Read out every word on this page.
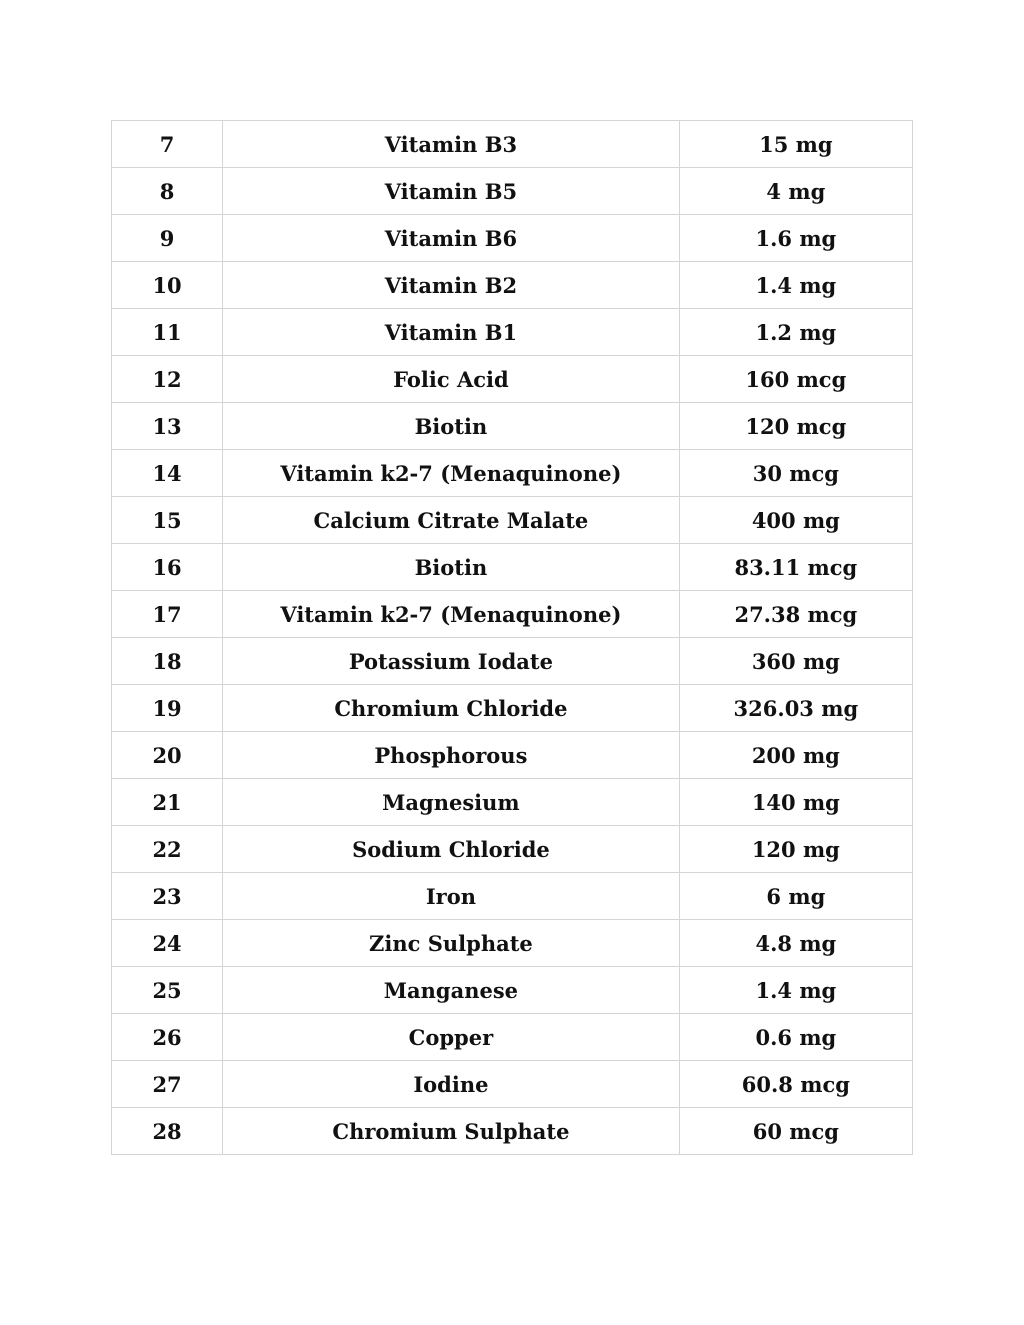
7	Vitamin B3	15 mg
8	Vitamin B5	4 mg
9	Vitamin B6	1.6 mg
10	Vitamin B2	1.4 mg
11	Vitamin B1	1.2 mg
12	Folic Acid	160 mcg
13	Biotin	120 mcg
14	Vitamin k2-7 (Menaquinone)	30 mcg
15	Calcium Citrate Malate	400 mg
16	Biotin	83.11 mcg
17	Vitamin k2-7 (Menaquinone)	27.38 mcg
18	Potassium Iodate	360 mg
19	Chromium Chloride	326.03 mg
20	Phosphorous	200 mg
21	Magnesium	140 mg
22	Sodium Chloride	120 mg
23	Iron	6 mg
24	Zinc Sulphate	4.8 mg
25	Manganese	1.4 mg
26	Copper	0.6 mg
27	Iodine	60.8 mcg
28	Chromium Sulphate	60 mcg
